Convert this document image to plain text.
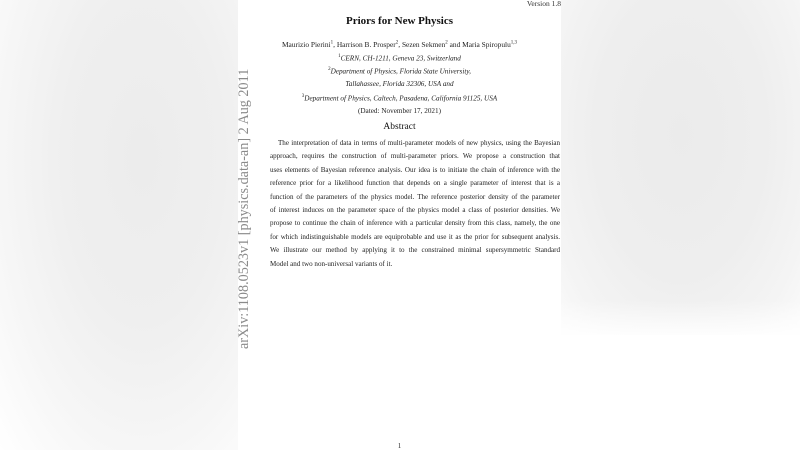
Version 1.8
Priors for New Physics
Maurizio Pierini$^1$, Harrison B. Prosper$^2$, Sezen Sekmen$^2$ and Maria Spiropulu$^{1,3}$
$^1$CERN, CH-1211, Geneva 23, Switzerland
$^2$Department of Physics, Florida State University,
Tallahassee, Florida 32306, USA and
$^3$Department of Physics, Caltech, Pasadena, California 91125, USA
(Dated: November 17, 2021)
Abstract
The interpretation of data in terms of multi-parameter models of new physics, using the Bayesian
approach, requires the construction of multi-parameter priors. We propose a construction that
uses elements of Bayesian reference analysis. Our idea is to initiate the chain of inference with the
reference prior for a likelihood function that depends on a single parameter of interest that is a
function of the parameters of the physics model. The reference posterior density of the parameter
of interest induces on the parameter space of the physics model a class of posterior densities. We
propose to continue the chain of inference with a particular density from this class, namely, the one
for which indistinguishable models are equiprobable and use it as the prior for subsequent analysis.
We illustrate our method by applying it to the constrained minimal supersymmetric Standard
Model and two non-universal variants of it.
1
arXiv:1108.0523v1 [physics.data-an] 2 Aug 2011
